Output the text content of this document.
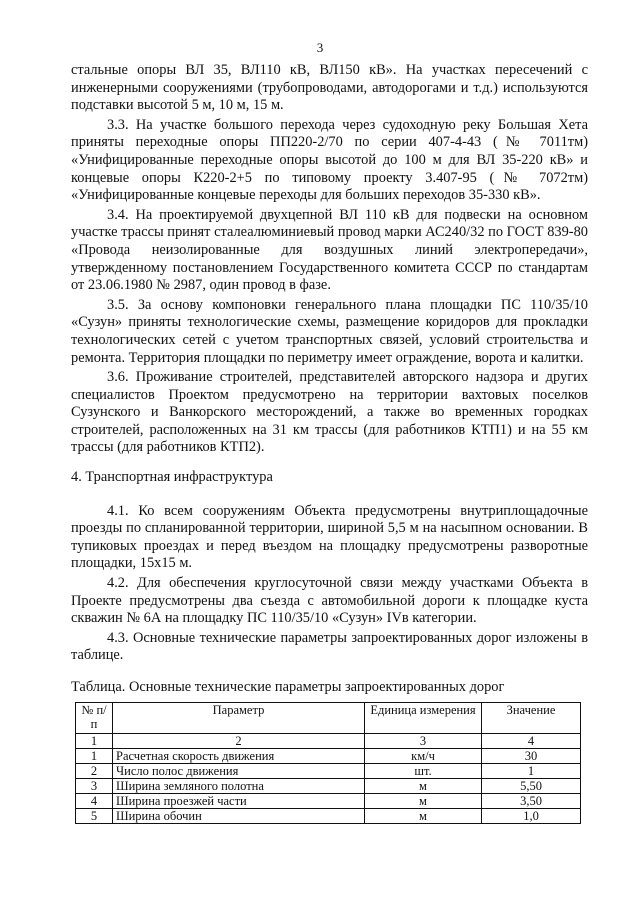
3

стальные опоры ВЛ 35, ВЛ110 кВ, ВЛ150 кВ». На участках пересечений с инженерными сооружениями (трубопроводами, автодорогами и т.д.) используются подставки высотой 5 м, 10 м, 15 м.

3.3. На участке большого перехода через судоходную реку Большая Хета приняты переходные опоры ПП220-2/70 по серии 407-4-43 (№ 7011тм) «Унифицированные переходные опоры высотой до 100 м для ВЛ 35-220 кВ» и концевые опоры К220-2+5 по типовому проекту 3.407-95 (№ 7072тм) «Унифицированные концевые переходы для больших переходов 35-330 кВ».

3.4. На проектируемой двухцепной ВЛ 110 кВ для подвески на основном участке трассы принят сталеалюминиевый провод марки АС240/32 по ГОСТ 839-80 «Провода неизолированные для воздушных линий электропередачи», утвержденному постановлением Государственного комитета СССР по стандартам от 23.06.1980 № 2987, один провод в фазе.

3.5. За основу компоновки генерального плана площадки ПС 110/35/10 «Сузун» приняты технологические схемы, размещение коридоров для прокладки технологических сетей с учетом транспортных связей, условий строительства и ремонта. Территория площадки по периметру имеет ограждение, ворота и калитки.

3.6. Проживание строителей, представителей авторского надзора и других специалистов Проектом предусмотрено на территории вахтовых поселков Сузунского и Ванкорского месторождений, а также во временных городках строителей, расположенных на 31 км трассы (для работников КТП1) и на 55 км трассы (для работников КТП2).

4. Транспортная инфраструктура

4.1. Ко всем сооружениям Объекта предусмотрены внутриплощадочные проезды по спланированной территории, шириной 5,5 м на насыпном основании. В тупиковых проездах и перед въездом на площадку предусмотрены разворотные площадки, 15х15 м.

4.2. Для обеспечения круглосуточной связи между участками Объекта в Проекте предусмотрены два съезда с автомобильной дороги к площадке куста скважин № 6А на площадку ПС 110/35/10 «Сузун» IVв категории.

4.3. Основные технические параметры запроектированных дорог изложены в таблице.

Таблица. Основные технические параметры запроектированных дорог

№ п/п	Параметр	Единица измерения	Значение
1	2	3	4
1	Расчетная скорость движения	км/ч	30
2	Число полос движения	шт.	1
3	Ширина земляного полотна	м	5,50
4	Ширина проезжей части	м	3,50
5	Ширина обочин	м	1,0
